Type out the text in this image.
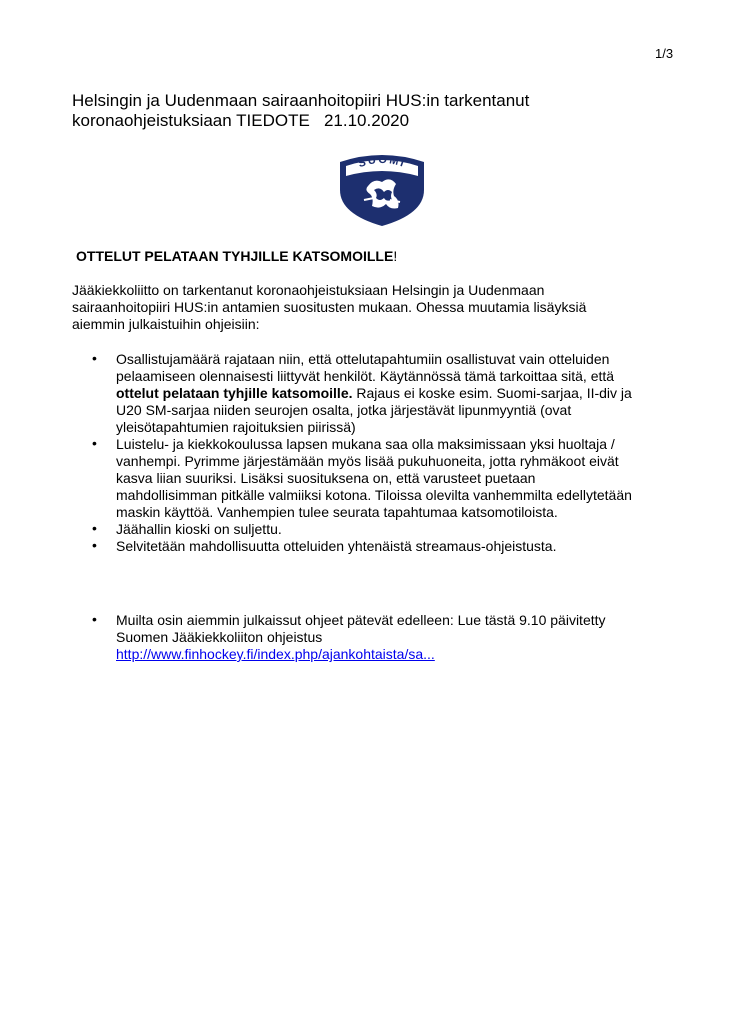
1/3
Helsingin ja Uudenmaan sairaanhoitopiiri HUS:in tarkentanut
koronaohjeistuksiaan TIEDOTE   21.10.2020
SUOMI
OTTELUT PELATAAN TYHJILLE KATSOMOILLE!
Jääkiekkoliitto on tarkentanut koronaohjeistuksiaan Helsingin ja Uudenmaan
sairaanhoitopiiri HUS:in antamien suositusten mukaan. Ohessa muutamia lisäyksiä
aiemmin julkaistuihin ohjeisiin:
• Osallistujamäärä rajataan niin, että ottelutapahtumiin osallistuvat vain otteluiden
pelaamiseen olennaisesti liittyvät henkilöt. Käytännössä tämä tarkoittaa sitä, että
ottelut pelataan tyhjille katsomoille. Rajaus ei koske esim. Suomi-sarjaa, II-div ja
U20 SM-sarjaa niiden seurojen osalta, jotka järjestävät lipunmyyntiä (ovat
yleisötapahtumien rajoituksien piirissä)
• Luistelu- ja kiekkokoulussa lapsen mukana saa olla maksimissaan yksi huoltaja /
vanhempi. Pyrimme järjestämään myös lisää pukuhuoneita, jotta ryhmäkoot eivät
kasva liian suuriksi. Lisäksi suosituksena on, että varusteet puetaan
mahdollisimman pitkälle valmiiksi kotona. Tiloissa olevilta vanhemmilta edellytetään
maskin käyttöä. Vanhempien tulee seurata tapahtumaa katsomotiloista.
• Jäähallin kioski on suljettu.
• Selvitetään mahdollisuutta otteluiden yhtenäistä streamaus-ohjeistusta.
• Muilta osin aiemmin julkaissut ohjeet pätevät edelleen: Lue tästä 9.10 päivitetty
Suomen Jääkiekkoliiton ohjeistus
http://www.finhockey.fi/index.php/ajankohtaista/sa...
